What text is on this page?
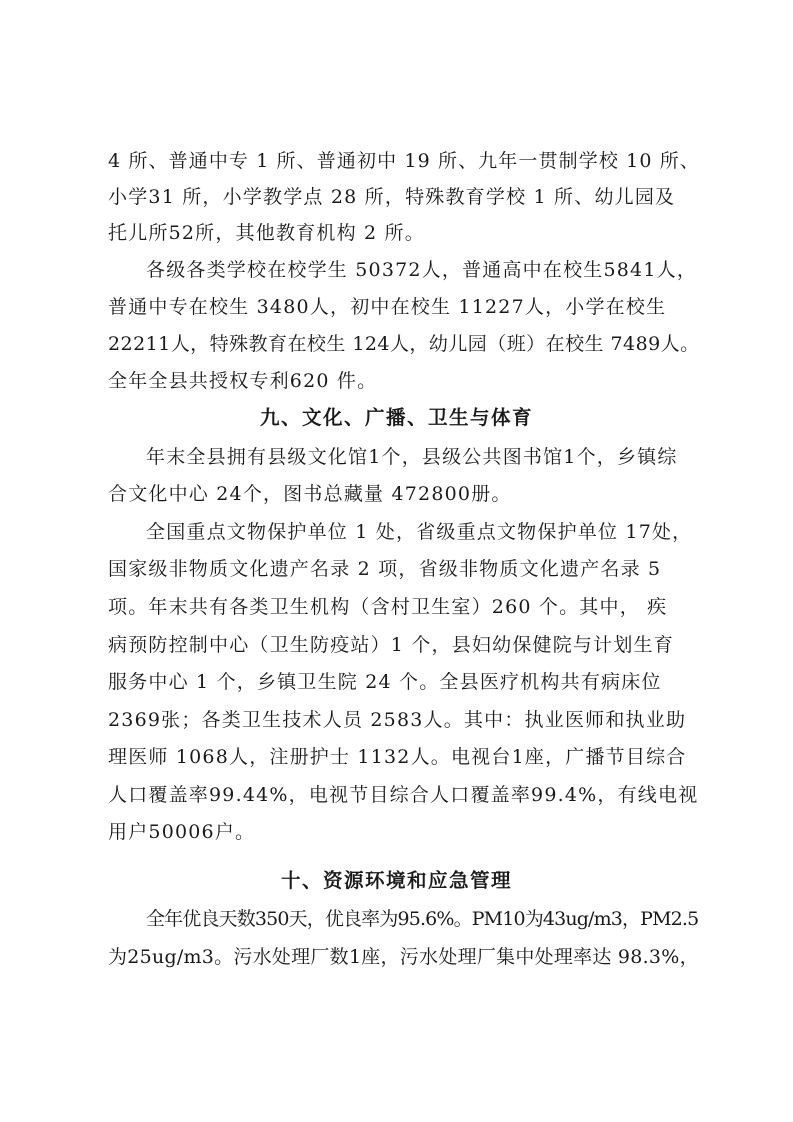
4 所、普通中专 1 所、普通初中 19 所、九年一贯制学校 10 所、
小学31 所，小学教学点 28 所，特殊教育学校 1 所、幼儿园及
托儿所52所，其他教育机构 2 所。
各级各类学校在校学生 50372人，普通高中在校生5841人，
普通中专在校生 3480人，初中在校生 11227人，小学在校生
22211人，特殊教育在校生 124人，幼儿园（班）在校生 7489人。
全年全县共授权专利620 件。
九、文化、广播、卫生与体育
年末全县拥有县级文化馆1个，县级公共图书馆1个，乡镇综
合文化中心 24个，图书总藏量 472800册。
全国重点文物保护单位 1 处，省级重点文物保护单位 17处，
国家级非物质文化遗产名录 2 项，省级非物质文化遗产名录 5
项。年末共有各类卫生机构（含村卫生室）260 个。其中， 疾
病预防控制中心（卫生防疫站）1 个，县妇幼保健院与计划生育
服务中心 1 个，乡镇卫生院 24 个。全县医疗机构共有病床位
2369张；各类卫生技术人员 2583人。其中：执业医师和执业助
理医师 1068人，注册护士 1132人。电视台1座，广播节目综合
人口覆盖率99.44%，电视节目综合人口覆盖率99.4%，有线电视
用户50006户。
十、资源环境和应急管理
全年优良天数350天，优良率为95.6%。PM10为43ug/m3，PM2.5
为25ug/m3。污水处理厂数1座，污水处理厂集中处理率达 98.3%，
